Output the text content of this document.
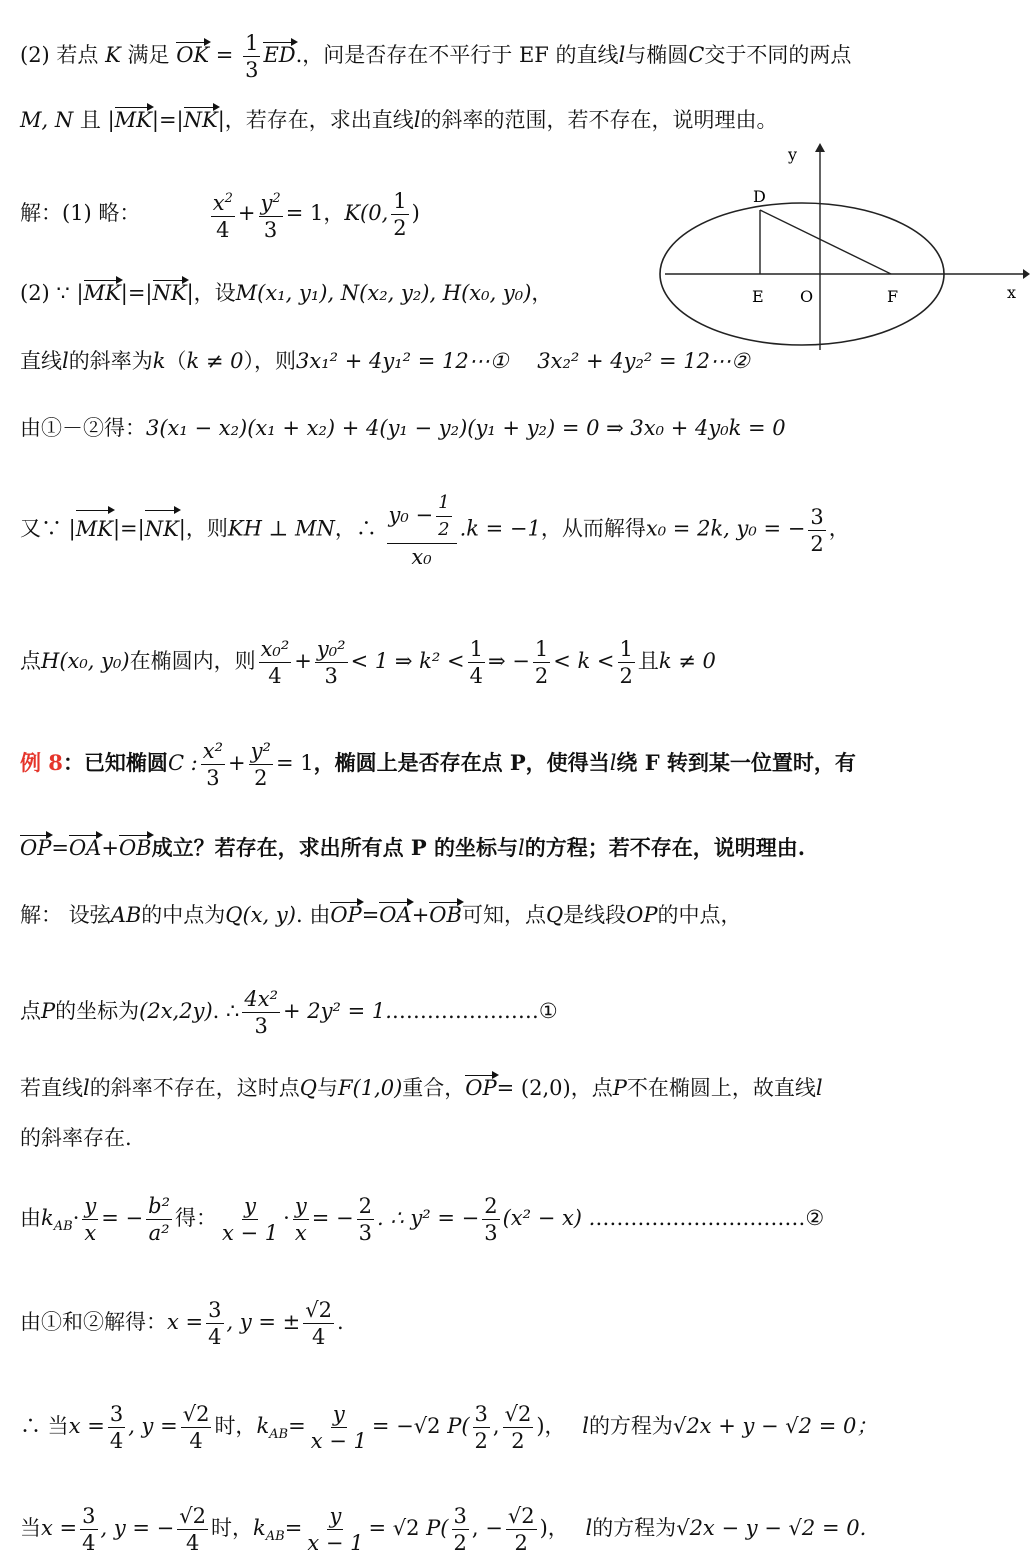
(2) 若点 K 满足 OK = $\frac{1}{3}$ ED.，问是否存在不平行于 EF 的直线l与椭圆C交于不同的两点
M, N 且 |MK|=|NK|，若存在，求出直线l的斜率的范围，若不存在，说明理由。
y
x
D
E O	F
解：(1) 略：	$\frac{x^2}{4} + \frac{y^2}{3} = 1$，K(0, $\frac{1}{2}$ )
(2) ∵ |MK|=|NK|，设M(x₁, y₁), N(x₂, y₂), H(x₀, y₀)，
直线l的斜率为k（k ≠ 0），则3x₁² + 4y₁² = 12⋯① 3x₂² + 4y₂² = 12⋯②
由①－②得：3(x₁ − x₂)(x₁ + x₂) + 4(y₁ − y₂)(y₁ + y₂) = 0 ⇒ 3x₀ + 4y₀k = 0
又∵ |MK|=|NK|，则KH ⊥ MN，∴ $\frac{y_0 - \frac{1}{2}}{\text{x₀}} .k = -1$，从而解得x₀ = 2k, y₀ = − $\frac{3}{2}$ ，
点H(x₀, y₀)在椭圆内，则 $\frac{\text{x₀²}}{4} + \frac{\text{y₀²}}{3} < 1$ ⇒ $k^2 < \frac{1}{4}$ ⇒ − $\frac{1}{2} < k < \frac{1}{2}$ 且k ≠ 0
例 8：已知椭圆C : $\frac{\text{x²}}{3} + \frac{\text{y²}}{2} = 1$，椭圆上是否存在点 P，使得当l绕 F 转到某一位置时，有
OP=OA+OB成立？若存在，求出所有点 P 的坐标与l的方程；若不存在，说明理由.
解： 设弦AB的中点为Q(x, y). 由OP=OA+OB可知，点Q是线段OP的中点，
点P的坐标为(2x,2y). ∴ $\frac{\text{4x²}}{3} + 2y^2$ = 1.…………………①
若直线l的斜率不存在，这时点Q与F(1,0)重合，OP= (2,0)，点P不在椭圆上，故直线l
的斜率存在.
由$k_{AB}\cdot \frac{y}{x}$ = − $\frac{\text{b²}}{\text{a²}}$ 得： $\frac{y}{x - 1} \cdot \frac{y}{x}$ = − $\frac{2}{3}$ . ∴ y² = − $\frac{2}{3} (x^2 - x)$ .…………………………②
由①和②解得：$x = \frac{3}{4}$ , y = ± $\frac{√2}{4}$ .
∴ 当$x = \frac{3}{4}$ , $y = \frac{√2}{4}$ 时，$k_{AB}= \frac{y}{x - 1} = -√2$ $P( \frac{3}{2}$ , $\frac{√2}{2}$ )， l的方程为√2x + y − √2 = 0；
当$x = \frac{3}{4}$ , y = − $\frac{√2}{4}$ 时，$k_{AB}= \frac{y}{x - 1} = √2$ $P( \frac{3}{2}$ , − $\frac{√2}{2}$ )， l的方程为√2x − y − √2 = 0.
